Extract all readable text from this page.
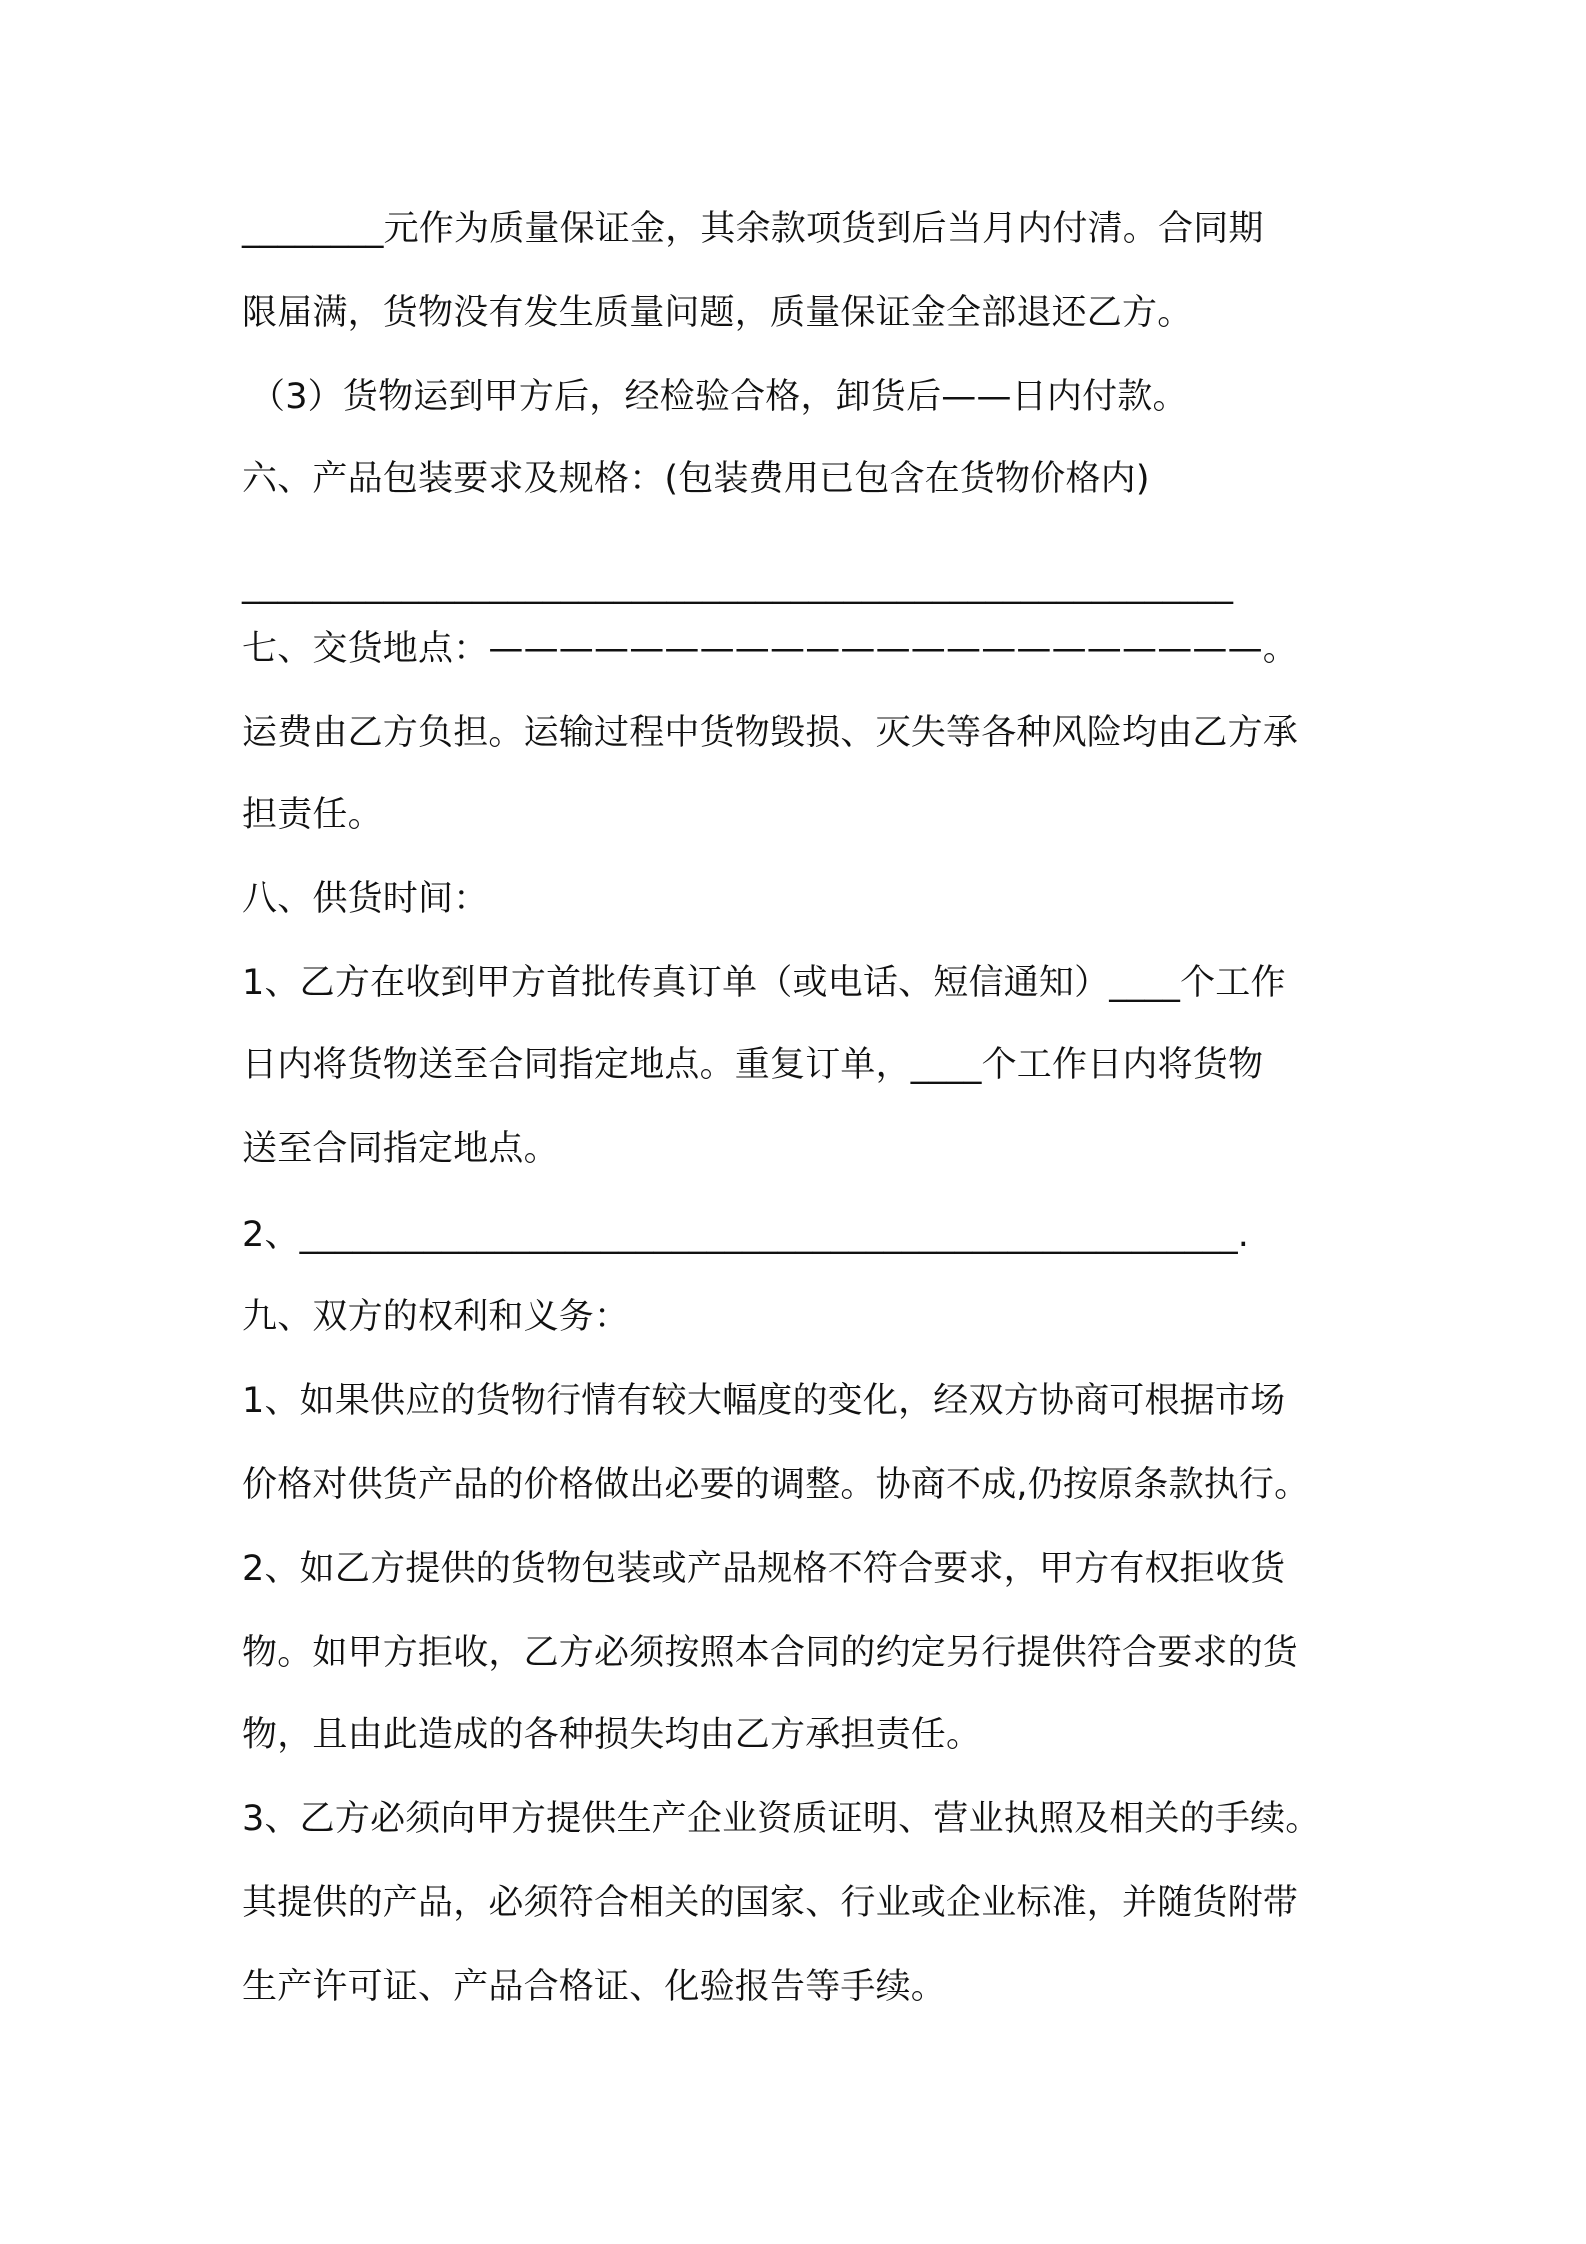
________元作为质量保证金，其余款项货到后当月内付清。合同期

限届满，货物没有发生质量问题，质量保证金全部退还乙方。

（3）货物运到甲方后，经检验合格，卸货后——日内付款。

六、产品包装要求及规格：(包装费用已包含在货物价格内)

________________________________________________________

七、交货地点：——————————————————————。

运费由乙方负担。运输过程中货物毁损、灭失等各种风险均由乙方承

担责任。

八、供货时间：

1、乙方在收到甲方首批传真订单（或电话、短信通知）____个工作

日内将货物送至合同指定地点。重复订单，____个工作日内将货物

送至合同指定地点。

2、_____________________________________________________.

九、双方的权利和义务：

1、如果供应的货物行情有较大幅度的变化，经双方协商可根据市场

价格对供货产品的价格做出必要的调整。协商不成,仍按原条款执行。

2、如乙方提供的货物包装或产品规格不符合要求，甲方有权拒收货

物。如甲方拒收，乙方必须按照本合同的约定另行提供符合要求的货

物，且由此造成的各种损失均由乙方承担责任。

3、乙方必须向甲方提供生产企业资质证明、营业执照及相关的手续。

其提供的产品，必须符合相关的国家、行业或企业标准，并随货附带

生产许可证、产品合格证、化验报告等手续。
